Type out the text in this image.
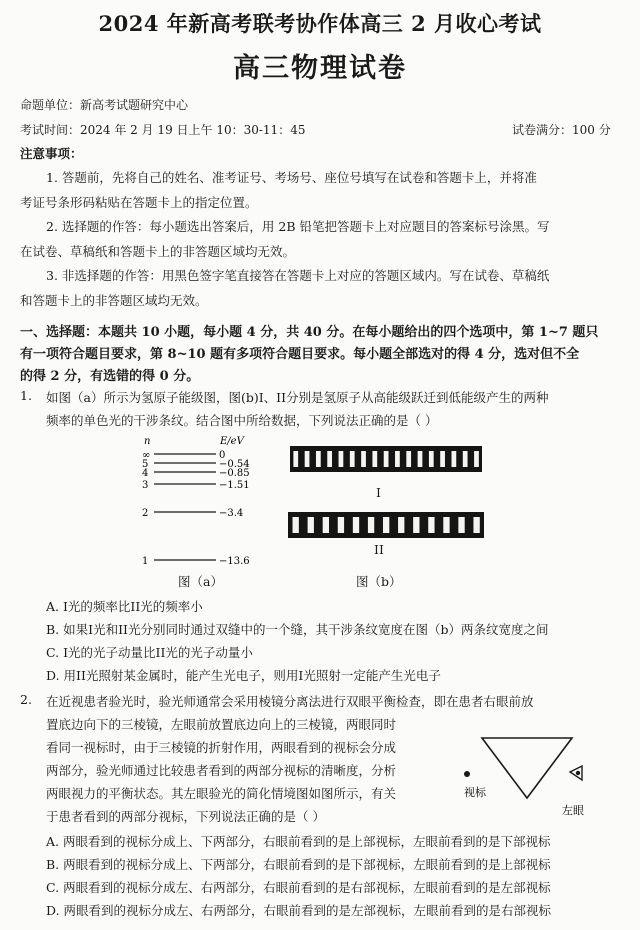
2024 年新高考联考协作体高三 2 月收心考试
高三物理试卷
命题单位：新高考试题研究中心
考试时间：2024 年 2 月 19 日上午 10：30-11：45	试卷满分：100 分
注意事项：
1. 答题前，先将自己的姓名、准考证号、考场号、座位号填写在试卷和答题卡上，并将准
考证号条形码粘贴在答题卡上的指定位置。
2. 选择题的作答：每小题选出答案后，用 2B 铅笔把答题卡上对应题目的答案标号涂黑。写
在试卷、草稿纸和答题卡上的非答题区域均无效。
3. 非选择题的作答：用黑色签字笔直接答在答题卡上对应的答题区域内。写在试卷、草稿纸
和答题卡上的非答题区域均无效。
一、选择题：本题共 10 小题，每小题 4 分，共 40 分。在每小题给出的四个选项中，第 1~7 题只
有一项符合题目要求，第 8~10 题有多项符合题目要求。每小题全部选对的得 4 分，选对但不全
的得 2 分，有选错的得 0 分。
1. 如图（a）所示为氢原子能级图，图(b)I、II分别是氢原子从高能级跃迁到低能级产生的两种
频率的单色光的干涉条纹。结合图中所给数据，下列说法正确的是（ ）
n	E/eV
∞	0
5	−0.54
4	−0.85
3	−1.51
2	−3.4
1	−13.6
图（a）
I
II
图（b）
A. I光的频率比II光的频率小
B. 如果I光和II光分别同时通过双缝中的一个缝，其干涉条纹宽度在图（b）两条纹宽度之间
C. I光的光子动量比II光的光子动量小
D. 用II光照射某金属时，能产生光电子，则用I光照射一定能产生光电子
2. 在近视患者验光时，验光师通常会采用棱镜分离法进行双眼平衡检查，即在患者右眼前放
置底边向下的三棱镜，左眼前放置底边向上的三棱镜，两眼同时
看同一视标时，由于三棱镜的折射作用，两眼看到的视标会分成
两部分，验光师通过比较患者看到的两部分视标的清晰度，分析
两眼视力的平衡状态。其左眼验光的简化情境图如图所示，有关
于患者看到的两部分视标，下列说法正确的是（ ）
视标
左眼
A. 两眼看到的视标分成上、下两部分，右眼前看到的是上部视标，左眼前看到的是下部视标
B. 两眼看到的视标分成上、下两部分，右眼前看到的是下部视标，左眼前看到的是上部视标
C. 两眼看到的视标分成左、右两部分，右眼前看到的是右部视标，左眼前看到的是左部视标
D. 两眼看到的视标分成左、右两部分，右眼前看到的是左部视标，左眼前看到的是右部视标
